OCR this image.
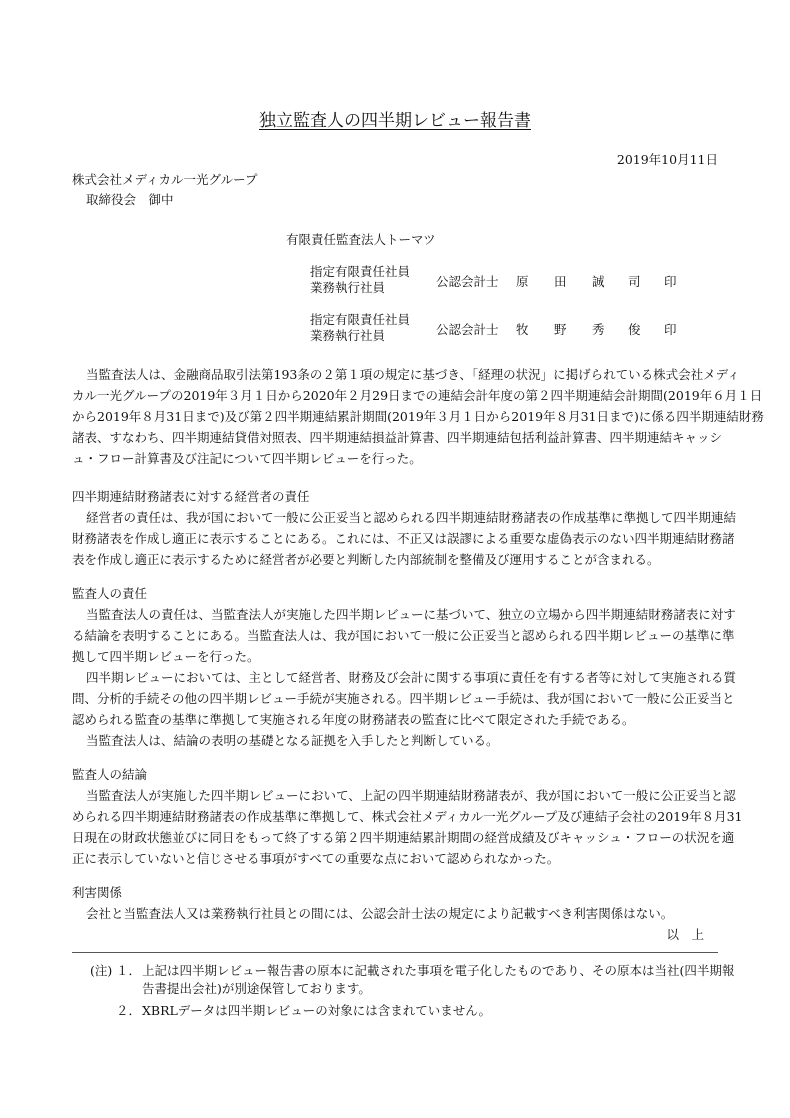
独立監査人の四半期レビュー報告書
2019年10月11日
株式会社メディカル一光グループ
取締役会　御中
有限責任監査法人トーマツ
指定有限責任社員
業務執行社員	公認会計士 原 田 誠 司 印
指定有限責任社員
業務執行社員	公認会計士 牧 野 秀 俊 印
当監査法人は、金融商品取引法第193条の２第１項の規定に基づき、「経理の状況」に掲げられている株式会社メディ
カル一光グループの2019年３月１日から2020年２月29日までの連結会計年度の第２四半期連結会計期間(2019年６月１日
から2019年８月31日まで)及び第２四半期連結累計期間(2019年３月１日から2019年８月31日まで)に係る四半期連結財務
諸表、すなわち、四半期連結貸借対照表、四半期連結損益計算書、四半期連結包括利益計算書、四半期連結キャッシ
ュ・フロー計算書及び注記について四半期レビューを行った。
四半期連結財務諸表に対する経営者の責任
経営者の責任は、我が国において一般に公正妥当と認められる四半期連結財務諸表の作成基準に準拠して四半期連結
財務諸表を作成し適正に表示することにある。これには、不正又は誤謬による重要な虚偽表示のない四半期連結財務諸
表を作成し適正に表示するために経営者が必要と判断した内部統制を整備及び運用することが含まれる。
監査人の責任
当監査法人の責任は、当監査法人が実施した四半期レビューに基づいて、独立の立場から四半期連結財務諸表に対す
る結論を表明することにある。当監査法人は、我が国において一般に公正妥当と認められる四半期レビューの基準に準
拠して四半期レビューを行った。
四半期レビューにおいては、主として経営者、財務及び会計に関する事項に責任を有する者等に対して実施される質
問、分析的手続その他の四半期レビュー手続が実施される。四半期レビュー手続は、我が国において一般に公正妥当と
認められる監査の基準に準拠して実施される年度の財務諸表の監査に比べて限定された手続である。
当監査法人は、結論の表明の基礎となる証拠を入手したと判断している。
監査人の結論
当監査法人が実施した四半期レビューにおいて、上記の四半期連結財務諸表が、我が国において一般に公正妥当と認
められる四半期連結財務諸表の作成基準に準拠して、株式会社メディカル一光グループ及び連結子会社の2019年８月31
日現在の財政状態並びに同日をもって終了する第２四半期連結累計期間の経営成績及びキャッシュ・フローの状況を適
正に表示していないと信じさせる事項がすべての重要な点において認められなかった。
利害関係
会社と当監査法人又は業務執行社員との間には、公認会計士法の規定により記載すべき利害関係はない。
以　上
(注) １． 上記は四半期レビュー報告書の原本に記載された事項を電子化したものであり、その原本は当社(四半期報
告書提出会社)が別途保管しております。
２． XBRLデータは四半期レビューの対象には含まれていません。
